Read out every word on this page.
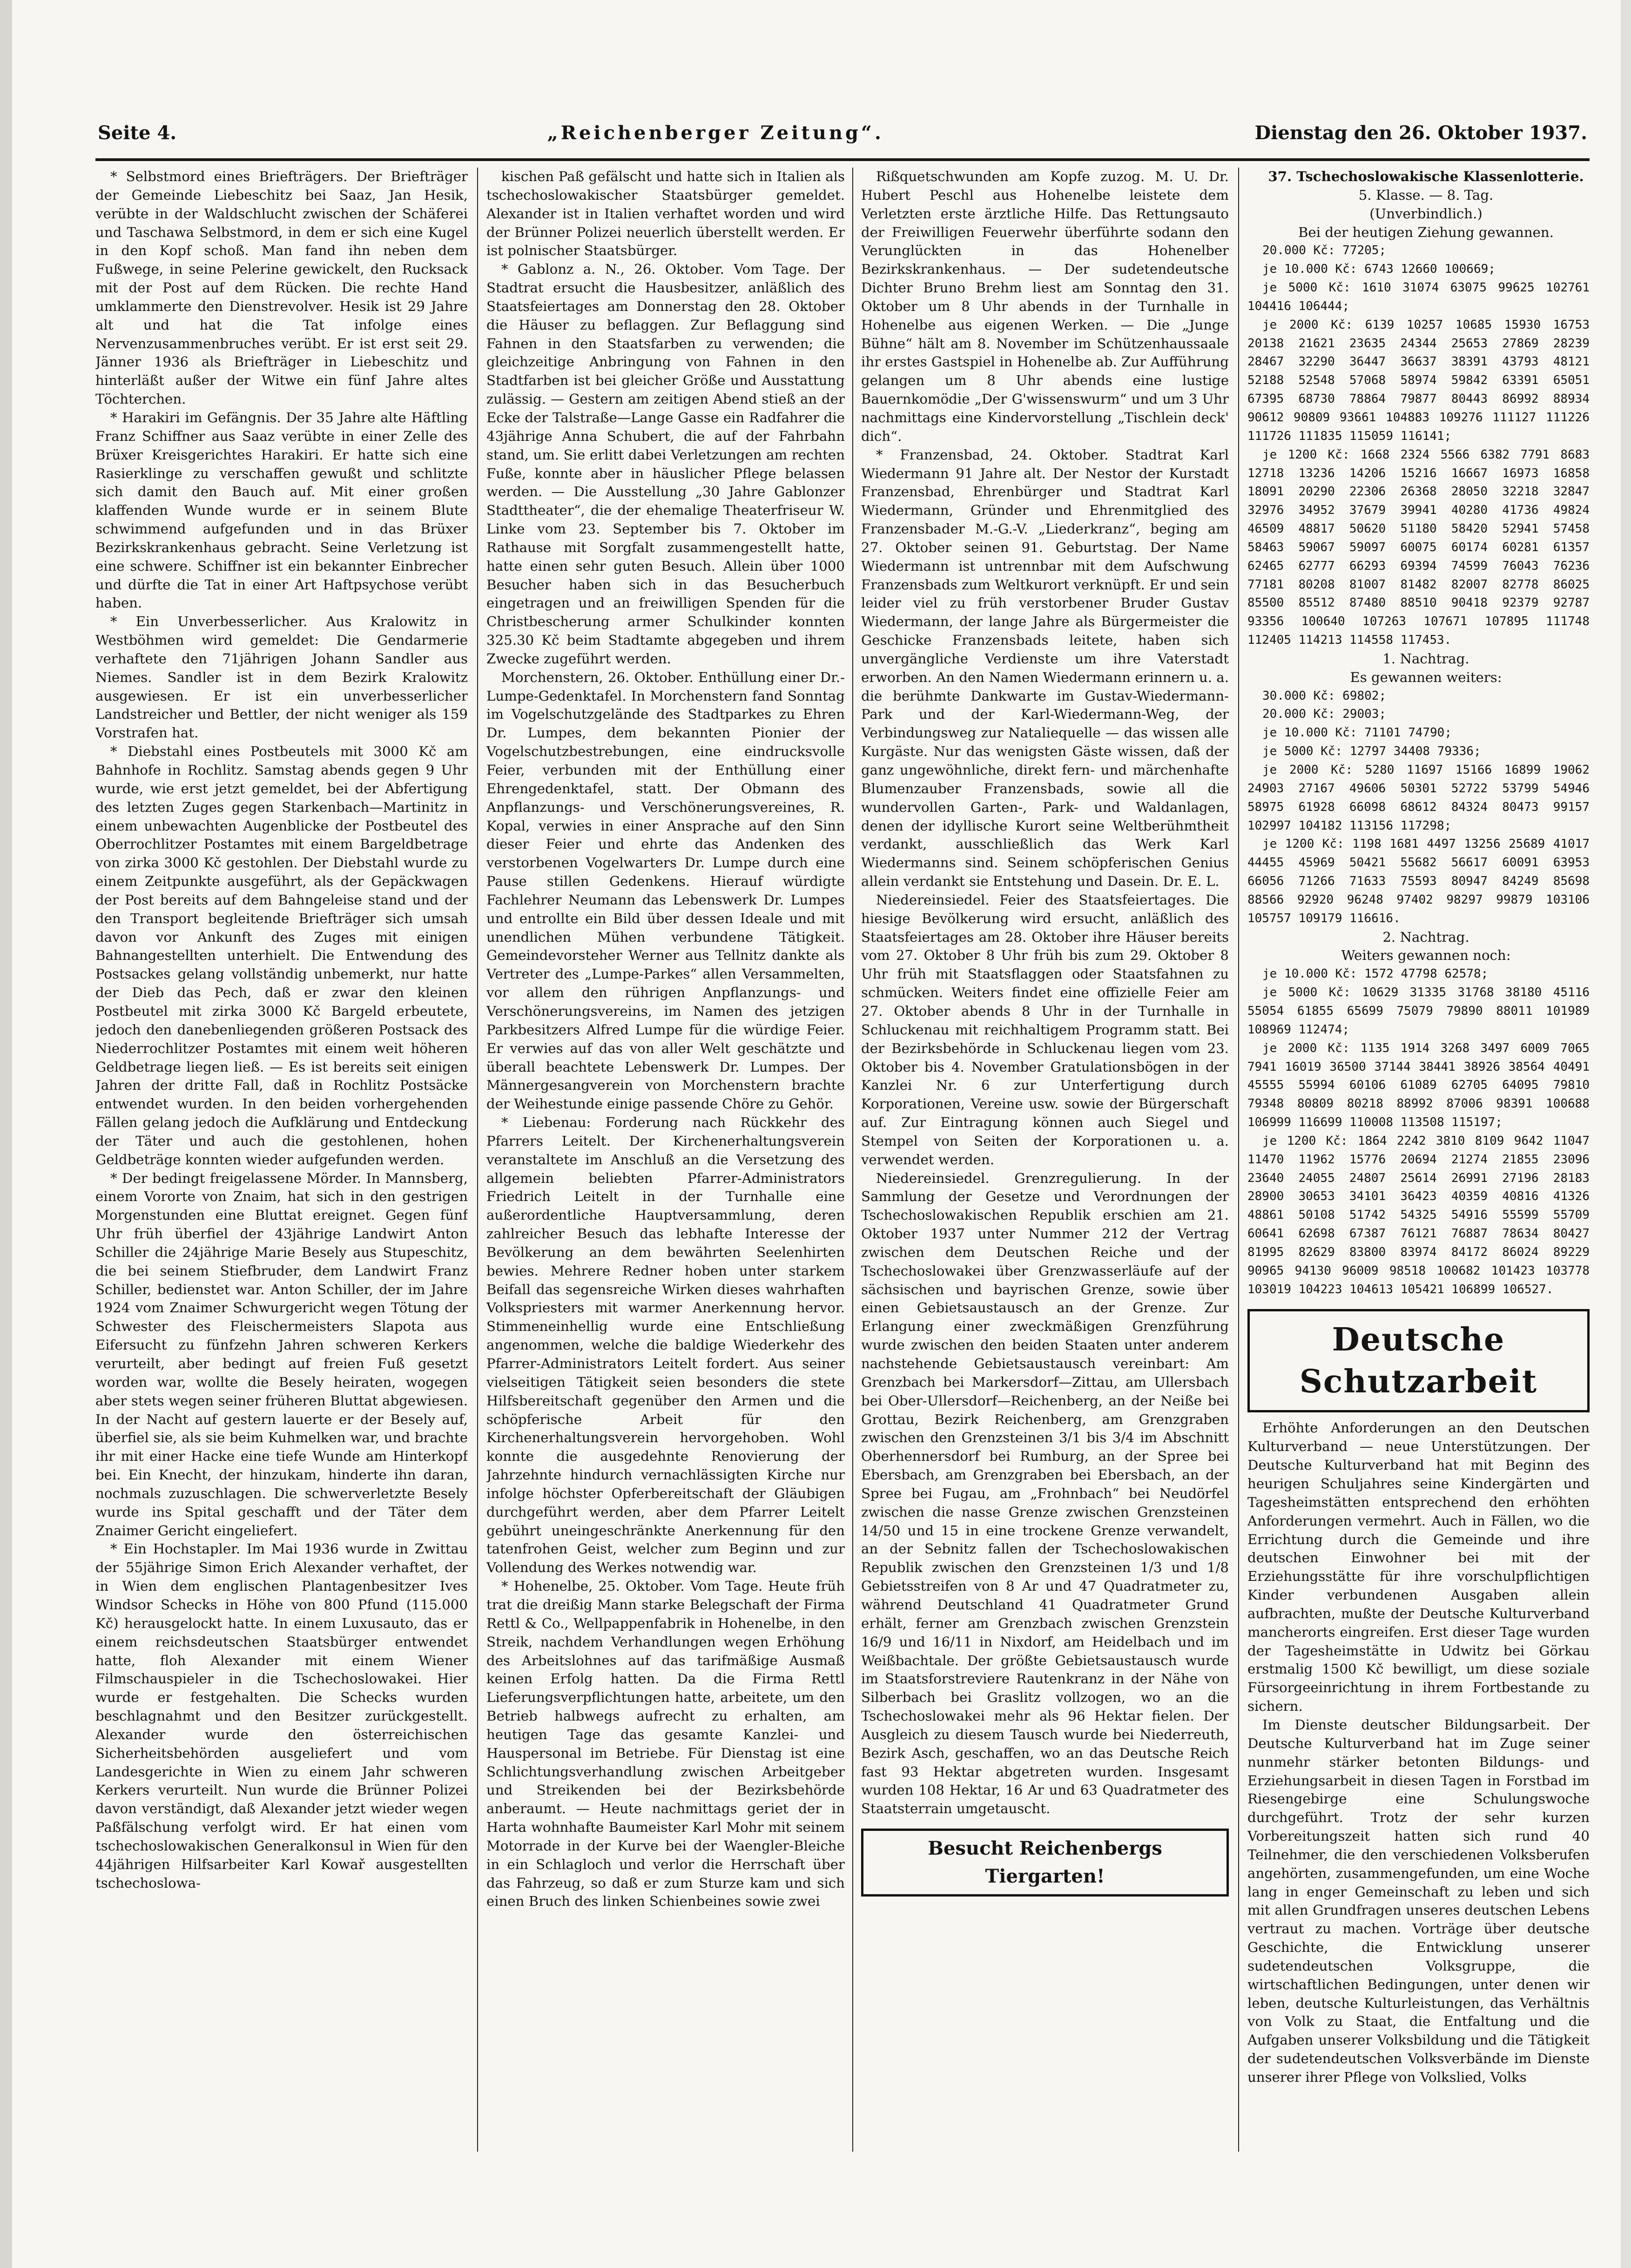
Seite 4.	„Reichenberger Zeitung“.	Dienstag den 26. Oktober 1937.

* Selbstmord eines Briefträgers. Der Briefträger der Gemeinde Liebeschitz bei Saaz, Jan Hesik, verübte in der Waldschlucht zwischen der Schäferei und Taschawa Selbstmord, in dem er sich eine Kugel in den Kopf schoß. Man fand ihn neben dem Fußwege, in seine Pelerine gewickelt, den Rucksack mit der Post auf dem Rücken. Die rechte Hand umklammerte den Dienstrevolver. Hesik ist 29 Jahre alt und hat die Tat infolge eines Nervenzusammenbruches verübt. Er ist erst seit 29. Jänner 1936 als Briefträger in Liebeschitz und hinterläßt außer der Witwe ein fünf Jahre altes Töchterchen.

* Harakiri im Gefängnis. Der 35 Jahre alte Häftling Franz Schiffner aus Saaz verübte in einer Zelle des Brüxer Kreisgerichtes Harakiri. Er hatte sich eine Rasierklinge zu verschaffen gewußt und schlitzte sich damit den Bauch auf. Mit einer großen klaffenden Wunde wurde er in seinem Blute schwimmend aufgefunden und in das Brüxer Bezirkskrankenhaus gebracht. Seine Verletzung ist eine schwere. Schiffner ist ein bekannter Einbrecher und dürfte die Tat in einer Art Haftpsychose verübt haben.

* Ein Unverbesserlicher. Aus Kralowitz in Westböhmen wird gemeldet: Die Gendarmerie verhaftete den 71jährigen Johann Sandler aus Niemes. Sandler ist in dem Bezirk Kralowitz ausgewiesen. Er ist ein unverbesserlicher Landstreicher und Bettler, der nicht weniger als 159 Vorstrafen hat.

* Diebstahl eines Postbeutels mit 3000 Kč am Bahnhofe in Rochlitz. Samstag abends gegen 9 Uhr wurde, wie erst jetzt gemeldet, bei der Abfertigung des letzten Zuges gegen Starkenbach—Martinitz in einem unbewachten Augenblicke der Postbeutel des Oberrochlitzer Postamtes mit einem Bargeldbetrage von zirka 3000 Kč gestohlen. Der Diebstahl wurde zu einem Zeitpunkte ausgeführt, als der Gepäckwagen der Post bereits auf dem Bahngeleise stand und der den Transport begleitende Briefträger sich umsah davon vor Ankunft des Zuges mit einigen Bahnangestellten unterhielt. Die Entwendung des Postsackes gelang vollständig unbemerkt, nur hatte der Dieb das Pech, daß er zwar den kleinen Postbeutel mit zirka 3000 Kč Bargeld erbeutete, jedoch den danebenliegenden größeren Postsack des Niederrochlitzer Postamtes mit einem weit höheren Geldbetrage liegen ließ. — Es ist bereits seit einigen Jahren der dritte Fall, daß in Rochlitz Postsäcke entwendet wurden. In den beiden vorhergehenden Fällen gelang jedoch die Aufklärung und Entdeckung der Täter und auch die gestohlenen, hohen Geldbeträge konnten wieder aufgefunden werden.

* Der bedingt freigelassene Mörder. In Mannsberg, einem Vororte von Znaim, hat sich in den gestrigen Morgenstunden eine Bluttat ereignet. Gegen fünf Uhr früh überfiel der 43jährige Landwirt Anton Schiller die 24jährige Marie Besely aus Stupeschitz, die bei seinem Stiefbruder, dem Landwirt Franz Schiller, bedienstet war. Anton Schiller, der im Jahre 1924 vom Znaimer Schwurgericht wegen Tötung der Schwester des Fleischermeisters Slapota aus Eifersucht zu fünfzehn Jahren schweren Kerkers verurteilt, aber bedingt auf freien Fuß gesetzt worden war, wollte die Besely heiraten, wogegen aber stets wegen seiner früheren Bluttat abgewiesen. In der Nacht auf gestern lauerte er der Besely auf, überfiel sie, als sie beim Kuhmelken war, und brachte ihr mit einer Hacke eine tiefe Wunde am Hinterkopf bei. Ein Knecht, der hinzukam, hinderte ihn daran, nochmals zuzuschlagen. Die schwerverletzte Besely wurde ins Spital geschafft und der Täter dem Znaimer Gericht eingeliefert.

* Ein Hochstapler. Im Mai 1936 wurde in Zwittau der 55jährige Simon Erich Alexander verhaftet, der in Wien dem englischen Plantagenbesitzer Ives Windsor Schecks in Höhe von 800 Pfund (115.000 Kč) herausgelockt hatte. In einem Luxusauto, das er einem reichsdeutschen Staatsbürger entwendet hatte, floh Alexander mit einem Wiener Filmschauspieler in die Tschechoslowakei. Hier wurde er festgehalten. Die Schecks wurden beschlagnahmt und den Besitzer zurückgestellt. Alexander wurde den österreichischen Sicherheitsbehörden ausgeliefert und vom Landesgerichte in Wien zu einem Jahr schweren Kerkers verurteilt. Nun wurde die Brünner Polizei davon verständigt, daß Alexander jetzt wieder wegen Paßfälschung verfolgt wird. Er hat einen vom tschechoslowakischen Generalkonsul in Wien für den 44jährigen Hilfsarbeiter Karl Kowař ausgestellten tschechoslowa-

kischen Paß gefälscht und hatte sich in Italien als tschechoslowakischer Staatsbürger gemeldet. Alexander ist in Italien verhaftet worden und wird der Brünner Polizei neuerlich überstellt werden. Er ist polnischer Staatsbürger.

* Gablonz a. N., 26. Oktober. Vom Tage. Der Stadtrat ersucht die Hausbesitzer, anläßlich des Staatsfeiertages am Donnerstag den 28. Oktober die Häuser zu beflaggen. Zur Beflaggung sind Fahnen in den Staatsfarben zu verwenden; die gleichzeitige Anbringung von Fahnen in den Stadtfarben ist bei gleicher Größe und Ausstattung zulässig. — Gestern am zeitigen Abend stieß an der Ecke der Talstraße—Lange Gasse ein Radfahrer die 43jährige Anna Schubert, die auf der Fahrbahn stand, um. Sie erlitt dabei Verletzungen am rechten Fuße, konnte aber in häuslicher Pflege belassen werden. — Die Ausstellung „30 Jahre Gablonzer Stadttheater“, die der ehemalige Theaterfriseur W. Linke vom 23. September bis 7. Oktober im Rathause mit Sorgfalt zusammengestellt hatte, hatte einen sehr guten Besuch. Allein über 1000 Besucher haben sich in das Besucherbuch eingetragen und an freiwilligen Spenden für die Christbescherung armer Schulkinder konnten 325.30 Kč beim Stadtamte abgegeben und ihrem Zwecke zugeführt werden.

Morchenstern, 26. Oktober. Enthüllung einer Dr.-Lumpe-Gedenktafel. In Morchenstern fand Sonntag im Vogelschutzgelände des Stadtparkes zu Ehren Dr. Lumpes, dem bekannten Pionier der Vogelschutzbestrebungen, eine eindrucksvolle Feier, verbunden mit der Enthüllung einer Ehrengedenktafel, statt. Der Obmann des Anpflanzungs- und Verschönerungsvereines, R. Kopal, verwies in einer Ansprache auf den Sinn dieser Feier und ehrte das Andenken des verstorbenen Vogelwarters Dr. Lumpe durch eine Pause stillen Gedenkens. Hierauf würdigte Fachlehrer Neumann das Lebenswerk Dr. Lumpes und entrollte ein Bild über dessen Ideale und mit unendlichen Mühen verbundene Tätigkeit. Gemeindevorsteher Werner aus Tellnitz dankte als Vertreter des „Lumpe-Parkes“ allen Versammelten, vor allem den rührigen Anpflanzungs- und Verschönerungsvereins, im Namen des jetzigen Parkbesitzers Alfred Lumpe für die würdige Feier. Er verwies auf das von aller Welt geschätzte und überall beachtete Lebenswerk Dr. Lumpes. Der Männergesangverein von Morchenstern brachte der Weihestunde einige passende Chöre zu Gehör.

* Liebenau: Forderung nach Rückkehr des Pfarrers Leitelt. Der Kirchenerhaltungsverein veranstaltete im Anschluß an die Versetzung des allgemein beliebten Pfarrer-Administrators Friedrich Leitelt in der Turnhalle eine außerordentliche Hauptversammlung, deren zahlreicher Besuch das lebhafte Interesse der Bevölkerung an dem bewährten Seelenhirten bewies. Mehrere Redner hoben unter starkem Beifall das segensreiche Wirken dieses wahrhaften Volkspriesters mit warmer Anerkennung hervor. Stimmeneinhellig wurde eine Entschließung angenommen, welche die baldige Wiederkehr des Pfarrer-Administrators Leitelt fordert. Aus seiner vielseitigen Tätigkeit seien besonders die stete Hilfsbereitschaft gegenüber den Armen und die schöpferische Arbeit für den Kirchenerhaltungsverein hervorgehoben. Wohl konnte die ausgedehnte Renovierung der Jahrzehnte hindurch vernachlässigten Kirche nur infolge höchster Opferbereitschaft der Gläubigen durchgeführt werden, aber dem Pfarrer Leitelt gebührt uneingeschränkte Anerkennung für den tatenfrohen Geist, welcher zum Beginn und zur Vollendung des Werkes notwendig war.

* Hohenelbe, 25. Oktober. Vom Tage. Heute früh trat die dreißig Mann starke Belegschaft der Firma Rettl & Co., Wellpappenfabrik in Hohenelbe, in den Streik, nachdem Verhandlungen wegen Erhöhung des Arbeitslohnes auf das tarifmäßige Ausmaß keinen Erfolg hatten. Da die Firma Rettl Lieferungsverpflichtungen hatte, arbeitete, um den Betrieb halbwegs aufrecht zu erhalten, am heutigen Tage das gesamte Kanzlei- und Hauspersonal im Betriebe. Für Dienstag ist eine Schlichtungsverhandlung zwischen Arbeitgeber und Streikenden bei der Bezirksbehörde anberaumt. — Heute nachmittags geriet der in Harta wohnhafte Baumeister Karl Mohr mit seinem Motorrade in der Kurve bei der Waengler-Bleiche in ein Schlagloch und verlor die Herrschaft über das Fahrzeug, so daß er zum Sturze kam und sich einen Bruch des linken Schienbeines sowie zwei

Rißquetschwunden am Kopfe zuzog. M. U. Dr. Hubert Peschl aus Hohenelbe leistete dem Verletzten erste ärztliche Hilfe. Das Rettungsauto der Freiwilligen Feuerwehr überführte sodann den Verunglückten in das Hohenelber Bezirkskrankenhaus. — Der sudetendeutsche Dichter Bruno Brehm liest am Sonntag den 31. Oktober um 8 Uhr abends in der Turnhalle in Hohenelbe aus eigenen Werken. — Die „Junge Bühne“ hält am 8. November im Schützenhaussaale ihr erstes Gastspiel in Hohenelbe ab. Zur Aufführung gelangen um 8 Uhr abends eine lustige Bauernkomödie „Der G'wissenswurm“ und um 3 Uhr nachmittags eine Kindervorstellung „Tischlein deck' dich“.

* Franzensbad, 24. Oktober. Stadtrat Karl Wiedermann 91 Jahre alt. Der Nestor der Kurstadt Franzensbad, Ehrenbürger und Stadtrat Karl Wiedermann, Gründer und Ehrenmitglied des Franzensbader M.-G.-V. „Liederkranz“, beging am 27. Oktober seinen 91. Geburtstag. Der Name Wiedermann ist untrennbar mit dem Aufschwung Franzensbads zum Weltkurort verknüpft. Er und sein leider viel zu früh verstorbener Bruder Gustav Wiedermann, der lange Jahre als Bürgermeister die Geschicke Franzensbads leitete, haben sich unvergängliche Verdienste um ihre Vaterstadt erworben. An den Namen Wiedermann erinnern u. a. die berühmte Dankwarte im Gustav-Wiedermann-Park und der Karl-Wiedermann-Weg, der Verbindungsweg zur Nataliequelle — das wissen alle Kurgäste. Nur das wenigsten Gäste wissen, daß der ganz ungewöhnliche, direkt fern- und märchenhafte Blumenzauber Franzensbads, sowie all die wundervollen Garten-, Park- und Waldanlagen, denen der idyllische Kurort seine Weltberühmtheit verdankt, ausschließlich das Werk Karl Wiedermanns sind. Seinem schöpferischen Genius allein verdankt sie Entstehung und Dasein. Dr. E. L.

Niedereinsiedel. Feier des Staatsfeiertages. Die hiesige Bevölkerung wird ersucht, anläßlich des Staatsfeiertages am 28. Oktober ihre Häuser bereits vom 27. Oktober 8 Uhr früh bis zum 29. Oktober 8 Uhr früh mit Staatsflaggen oder Staatsfahnen zu schmücken. Weiters findet eine offizielle Feier am 27. Oktober abends 8 Uhr in der Turnhalle in Schluckenau mit reichhaltigem Programm statt. Bei der Bezirksbehörde in Schluckenau liegen vom 23. Oktober bis 4. November Gratulationsbögen in der Kanzlei Nr. 6 zur Unterfertigung durch Korporationen, Vereine usw. sowie der Bürgerschaft auf. Zur Eintragung können auch Siegel und Stempel von Seiten der Korporationen u. a. verwendet werden.

Niedereinsiedel. Grenzregulierung. In der Sammlung der Gesetze und Verordnungen der Tschechoslowakischen Republik erschien am 21. Oktober 1937 unter Nummer 212 der Vertrag zwischen dem Deutschen Reiche und der Tschechoslowakei über Grenzwasserläufe auf der sächsischen und bayrischen Grenze, sowie über einen Gebietsaustausch an der Grenze. Zur Erlangung einer zweckmäßigen Grenzführung wurde zwischen den beiden Staaten unter anderem nachstehende Gebietsaustausch vereinbart: Am Grenzbach bei Markersdorf—Zittau, am Ullersbach bei Ober-Ullersdorf—Reichenberg, an der Neiße bei Grottau, Bezirk Reichenberg, am Grenzgraben zwischen den Grenzsteinen 3/1 bis 3/4 im Abschnitt Oberhennersdorf bei Rumburg, an der Spree bei Ebersbach, am Grenzgraben bei Ebersbach, an der Spree bei Fugau, am „Frohnbach“ bei Neudörfel zwischen die nasse Grenze zwischen Grenzsteinen 14/50 und 15 in eine trockene Grenze verwandelt, an der Sebnitz fallen der Tschechoslowakischen Republik zwischen den Grenzsteinen 1/3 und 1/8 Gebietsstreifen von 8 Ar und 47 Quadratmeter zu, während Deutschland 41 Quadratmeter Grund erhält, ferner am Grenzbach zwischen Grenzstein 16/9 und 16/11 in Nixdorf, am Heidelbach und im Weißbachtale. Der größte Gebietsaustausch wurde im Staatsforstreviere Rautenkranz in der Nähe von Silberbach bei Graslitz vollzogen, wo an die Tschechoslowakei mehr als 96 Hektar fielen. Der Ausgleich zu diesem Tausch wurde bei Niederreuth, Bezirk Asch, geschaffen, wo an das Deutsche Reich fast 93 Hektar abgetreten wurden. Insgesamt wurden 108 Hektar, 16 Ar und 63 Quadratmeter des Staatsterrain umgetauscht.

Besucht Reichenbergs Tiergarten!

37. Tschechoslowakische Klassenlotterie.

5. Klasse. — 8. Tag.

(Unverbindlich.)

Bei der heutigen Ziehung gewannen.

20.000 Kč: 77205;

je 10.000 Kč: 6743 12660 100669;

je 5000 Kč: 1610 31074 63075 99625 102761 104416 106444;

je 2000 Kč: 6139 10257 10685 15930 16753 20138 21621 23635 24344 25653 27869 28239 28467 32290 36447 36637 38391 43793 48121 52188 52548 57068 58974 59842 63391 65051 67395 68730 78864 79877 80443 86992 88934 90612 90809 93661 104883 109276 111127 111226 111726 111835 115059 116141;

je 1200 Kč: 1668 2324 5566 6382 7791 8683 12718 13236 14206 15216 16667 16973 16858 18091 20290 22306 26368 28050 32218 32847 32976 34952 37679 39941 40280 41736 49824 46509 48817 50620 51180 58420 52941 57458 58463 59067 59097 60075 60174 60281 61357 62465 62777 66293 69394 74599 76043 76236 77181 80208 81007 81482 82007 82778 86025 85500 85512 87480 88510 90418 92379 92787 93356 100640 107263 107671 107895 111748 112405 114213 114558 117453.

1. Nachtrag.

Es gewannen weiters:

30.000 Kč: 69802;

20.000 Kč: 29003;

je 10.000 Kč: 71101 74790;

je 5000 Kč: 12797 34408 79336;

je 2000 Kč: 5280 11697 15166 16899 19062 24903 27167 49606 50301 52722 53799 54946 58975 61928 66098 68612 84324 80473 99157 102997 104182 113156 117298;

je 1200 Kč: 1198 1681 4497 13256 25689 41017 44455 45969 50421 55682 56617 60091 63953 66056 71266 71633 75593 80947 84249 85698 88566 92920 96248 97402 98297 99879 103106 105757 109179 116616.

2. Nachtrag.

Weiters gewannen noch:

je 10.000 Kč: 1572 47798 62578;

je 5000 Kč: 10629 31335 31768 38180 45116 55054 61855 65699 75079 79890 88011 101989 108969 112474;

je 2000 Kč: 1135 1914 3268 3497 6009 7065 7941 16019 36500 37144 38441 38926 38564 40491 45555 55994 60106 61089 62705 64095 79810 79348 80809 80218 88992 87006 98391 100688 106999 116699 110008 113508 115197;

je 1200 Kč: 1864 2242 3810 8109 9642 11047 11470 11962 15776 20694 21274 21855 23096 23640 24055 24807 25614 26991 27196 28183 28900 30653 34101 36423 40359 40816 41326 48861 50108 51742 54325 54916 55599 55709 60641 62698 67387 76121 76887 78634 80427 81995 82629 83800 83974 84172 86024 89229 90965 94130 96009 98518 100682 101423 103778 103019 104223 104613 105421 106899 106527.

Deutsche Schutzarbeit

Erhöhte Anforderungen an den Deutschen Kulturverband — neue Unterstützungen. Der Deutsche Kulturverband hat mit Beginn des heurigen Schuljahres seine Kindergärten und Tagesheimstätten entsprechend den erhöhten Anforderungen vermehrt. Auch in Fällen, wo die Errichtung durch die Gemeinde und ihre deutschen Einwohner bei mit der Erziehungsstätte für ihre vorschulpflichtigen Kinder verbundenen Ausgaben allein aufbrachten, mußte der Deutsche Kulturverband mancherorts eingreifen. Erst dieser Tage wurden der Tagesheimstätte in Udwitz bei Görkau erstmalig 1500 Kč bewilligt, um diese soziale Fürsorgeeinrichtung in ihrem Fortbestande zu sichern.

Im Dienste deutscher Bildungsarbeit. Der Deutsche Kulturverband hat im Zuge seiner nunmehr stärker betonten Bildungs- und Erziehungsarbeit in diesen Tagen in Forstbad im Riesengebirge eine Schulungswoche durchgeführt. Trotz der sehr kurzen Vorbereitungszeit hatten sich rund 40 Teilnehmer, die den verschiedenen Volksberufen angehörten, zusammengefunden, um eine Woche lang in enger Gemeinschaft zu leben und sich mit allen Grundfragen unseres deutschen Lebens vertraut zu machen. Vorträge über deutsche Geschichte, die Entwicklung unserer sudetendeutschen Volksgruppe, die wirtschaftlichen Bedingungen, unter denen wir leben, deutsche Kulturleistungen, das Verhältnis von Volk zu Staat, die Entfaltung und die Aufgaben unserer Volksbildung und die Tätigkeit der sudetendeutschen Volksverbände im Dienste unserer ihrer Pflege von Volkslied, Volks
